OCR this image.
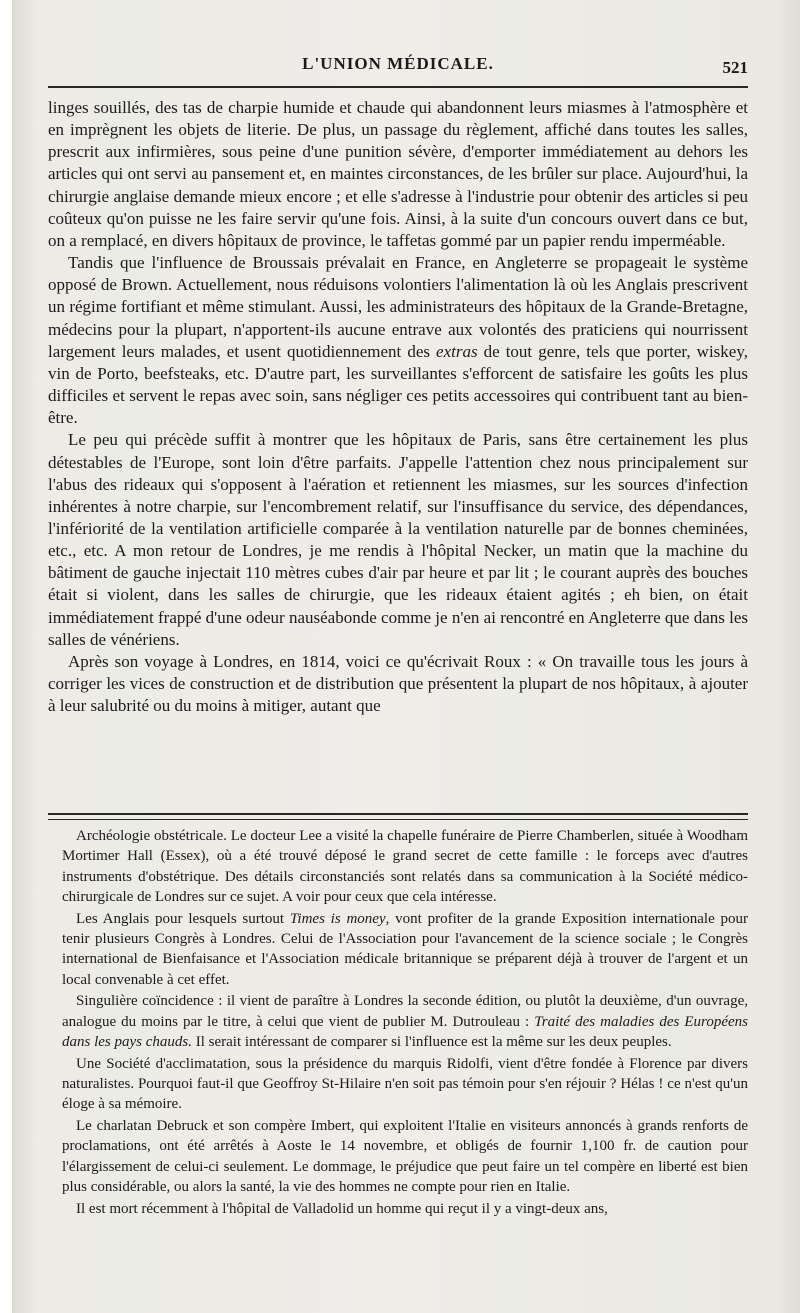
L'UNION MÉDICALE.	521

linges souillés, des tas de charpie humide et chaude qui abandonnent leurs miasmes à l'atmosphère et en imprègnent les objets de literie. De plus, un passage du règlement, affiché dans toutes les salles, prescrit aux infirmières, sous peine d'une punition sévère, d'emporter immédiatement au dehors les articles qui ont servi au pansement et, en maintes circonstances, de les brûler sur place. Aujourd'hui, la chirurgie anglaise demande mieux encore ; et elle s'adresse à l'industrie pour obtenir des articles si peu coûteux qu'on puisse ne les faire servir qu'une fois. Ainsi, à la suite d'un concours ouvert dans ce but, on a remplacé, en divers hôpitaux de province, le taffetas gommé par un papier rendu imperméable.

Tandis que l'influence de Broussais prévalait en France, en Angleterre se propageait le système opposé de Brown. Actuellement, nous réduisons volontiers l'alimentation là où les Anglais prescrivent un régime fortifiant et même stimulant. Aussi, les administrateurs des hôpitaux de la Grande-Bretagne, médecins pour la plupart, n'apportent-ils aucune entrave aux volontés des praticiens qui nourrissent largement leurs malades, et usent quotidiennement des extras de tout genre, tels que porter, wiskey, vin de Porto, beefsteaks, etc. D'autre part, les surveillantes s'efforcent de satisfaire les goûts les plus difficiles et servent le repas avec soin, sans négliger ces petits accessoires qui contribuent tant au bien-être.

Le peu qui précède suffit à montrer que les hôpitaux de Paris, sans être certainement les plus détestables de l'Europe, sont loin d'être parfaits. J'appelle l'attention chez nous principalement sur l'abus des rideaux qui s'opposent à l'aération et retiennent les miasmes, sur les sources d'infection inhérentes à notre charpie, sur l'encombrement relatif, sur l'insuffisance du service, des dépendances, l'infériorité de la ventilation artificielle comparée à la ventilation naturelle par de bonnes cheminées, etc., etc. A mon retour de Londres, je me rendis à l'hôpital Necker, un matin que la machine du bâtiment de gauche injectait 110 mètres cubes d'air par heure et par lit ; le courant auprès des bouches était si violent, dans les salles de chirurgie, que les rideaux étaient agités ; eh bien, on était immédiatement frappé d'une odeur nauséabonde comme je n'en ai rencontré en Angleterre que dans les salles de vénériens.

Après son voyage à Londres, en 1814, voici ce qu'écrivait Roux : « On travaille tous les jours à corriger les vices de construction et de distribution que présentent la plupart de nos hôpitaux, à ajouter à leur salubrité ou du moins à mitiger, autant que

Archéologie obstétricale. Le docteur Lee a visité la chapelle funéraire de Pierre Chamberlen, située à Woodham Mortimer Hall (Essex), où a été trouvé déposé le grand secret de cette famille : le forceps avec d'autres instruments d'obstétrique. Des détails circonstanciés sont relatés dans sa communication à la Société médico-chirurgicale de Londres sur ce sujet. A voir pour ceux que cela intéresse.

Les Anglais pour lesquels surtout Times is money, vont profiter de la grande Exposition internationale pour tenir plusieurs Congrès à Londres. Celui de l'Association pour l'avancement de la science sociale ; le Congrès international de Bienfaisance et l'Association médicale britannique se préparent déjà à trouver de l'argent et un local convenable à cet effet.

Singulière coïncidence : il vient de paraître à Londres la seconde édition, ou plutôt la deuxième, d'un ouvrage, analogue du moins par le titre, à celui que vient de publier M. Dutrouleau : Traité des maladies des Européens dans les pays chauds. Il serait intéressant de comparer si l'influence est la même sur les deux peuples.

Une Société d'acclimatation, sous la présidence du marquis Ridolfi, vient d'être fondée à Florence par divers naturalistes. Pourquoi faut-il que Geoffroy St-Hilaire n'en soit pas témoin pour s'en réjouir ? Hélas ! ce n'est qu'un éloge à sa mémoire.

Le charlatan Debruck et son compère Imbert, qui exploitent l'Italie en visiteurs annoncés à grands renforts de proclamations, ont été arrêtés à Aoste le 14 novembre, et obligés de fournir 1,100 fr. de caution pour l'élargissement de celui-ci seulement. Le dommage, le préjudice que peut faire un tel compère en liberté est bien plus considérable, ou alors la santé, la vie des hommes ne compte pour rien en Italie.

Il est mort récemment à l'hôpital de Valladolid un homme qui reçut il y a vingt-deux ans,
